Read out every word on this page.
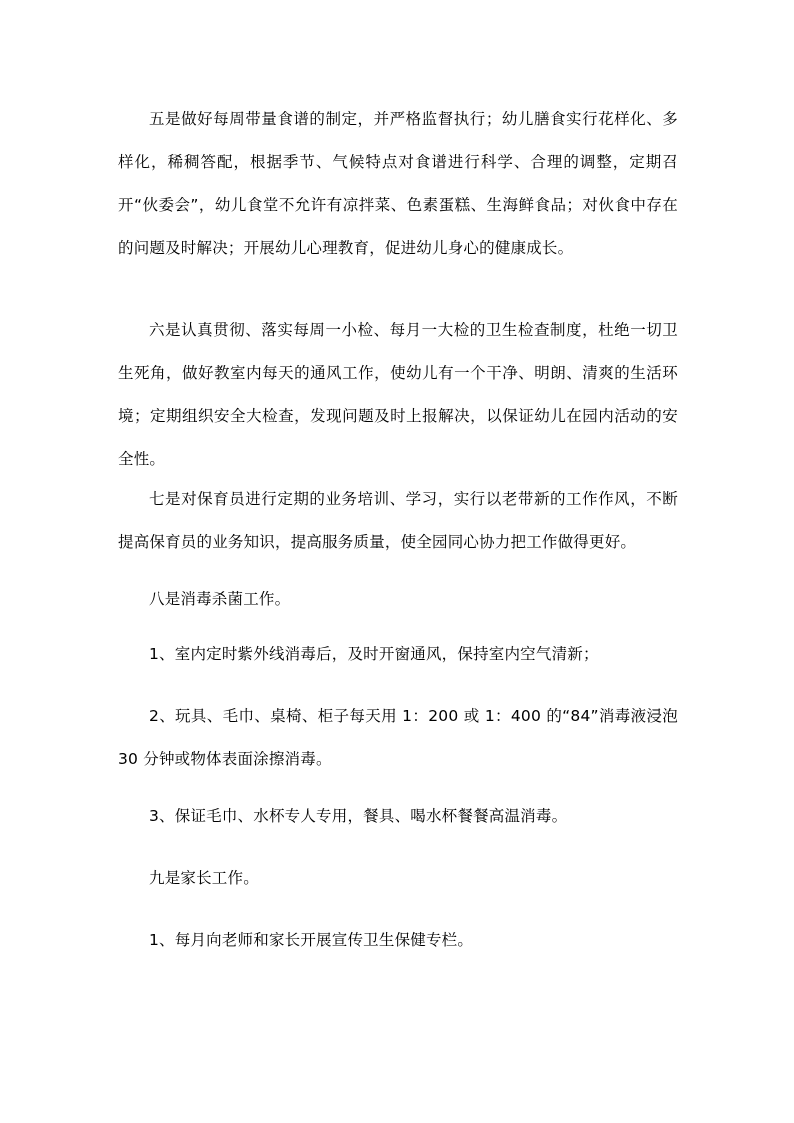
五是做好每周带量食谱的制定，并严格监督执行；幼儿膳食实行花样化、多样化，稀稠答配，根据季节、气候特点对食谱进行科学、合理的调整，定期召开“伙委会”，幼儿食堂不允许有凉拌菜、色素蛋糕、生海鲜食品；对伙食中存在的问题及时解决；开展幼儿心理教育，促进幼儿身心的健康成长。

六是认真贯彻、落实每周一小检、每月一大检的卫生检查制度，杜绝一切卫生死角，做好教室内每天的通风工作，使幼儿有一个干净、明朗、清爽的生活环境；定期组织安全大检查，发现问题及时上报解决，以保证幼儿在园内活动的安全性。

七是对保育员进行定期的业务培训、学习，实行以老带新的工作作风，不断提高保育员的业务知识，提高服务质量，使全园同心协力把工作做得更好。

八是消毒杀菌工作。

1、室内定时紫外线消毒后，及时开窗通风，保持室内空气清新；

2、玩具、毛巾、桌椅、柜子每天用 1：200 或 1：400 的“84”消毒液浸泡 30 分钟或物体表面涂擦消毒。

3、保证毛巾、水杯专人专用，餐具、喝水杯餐餐高温消毒。

九是家长工作。

1、每月向老师和家长开展宣传卫生保健专栏。
